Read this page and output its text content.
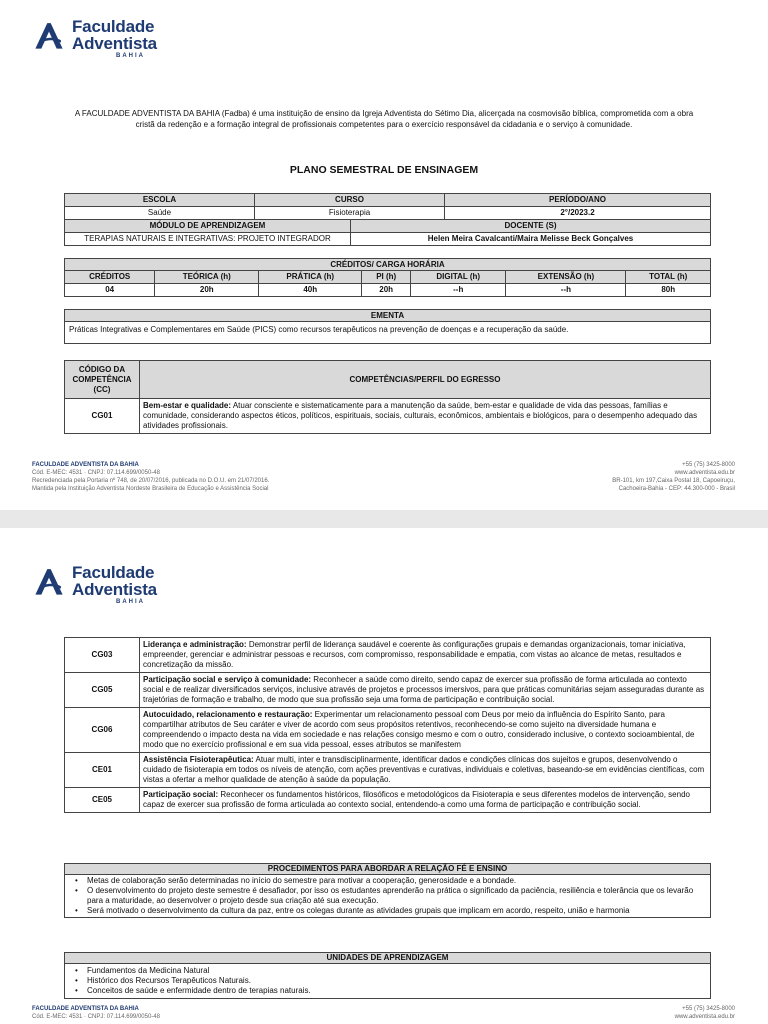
Faculdade
Adventista
BAHIA
A FACULDADE ADVENTISTA DA BAHIA (Fadba) é uma instituição de ensino da Igreja Adventista do Sétimo Dia, alicerçada na cosmovisão bíblica, comprometida com a obra cristã da redenção e a formação integral de profissionais competentes para o exercício responsável da cidadania e o serviço à comunidade.
PLANO SEMESTRAL DE ENSINAGEM
ESCOLA	CURSO	PERÍODO/ANO
Saúde	Fisioterapia	2°/2023.2
MÓDULO DE APRENDIZAGEM	DOCENTE (S)
TERAPIAS NATURAIS E INTEGRATIVAS: PROJETO INTEGRADOR	Helen Meira Cavalcanti/Maira Melisse Beck Gonçalves
CRÉDITOS/ CARGA HORÁRIA						
CRÉDITOS	TEÓRICA (h)	PRÁTICA (h)	PI (h)	DIGITAL (h)	EXTENSÃO (h)	TOTAL (h)
04	20h	40h	20h	--h	--h	80h
EMENTA
Práticas Integrativas e Complementares em Saúde (PICS) como recursos terapêuticos na prevenção de doenças e a recuperação da saúde.
CÓDIGO DA COMPETÊNCIA (CC)	COMPETÊNCIAS/PERFIL DO EGRESSO
CG01	Bem-estar e qualidade: Atuar consciente e sistematicamente para a manutenção da saúde, bem-estar e qualidade de vida das pessoas, famílias e comunidade, considerando aspectos éticos, políticos, espirituais, sociais, culturais, econômicos, ambientais e biológicos, para o desempenho adequado das atividades profissionais.
FACULDADE ADVENTISTA DA BAHIA
Cód. E-MEC: 4531 · CNPJ: 07.114.699/0050-48
Recredenciada pela Portaria nº 748, de 20/07/2016, publicada no D.O.U. em 21/07/2016.
Mantida pela Instituição Adventista Nordeste Brasileira de Educação e Assistência Social
+55 (75) 3425-8000
www.adventista.edu.br
BR-101, km 197,Caixa Postal 18, Capoeiruçu,
Cachoeira-Bahia - CEP: 44.300-000 - Brasil
Faculdade
Adventista
BAHIA
CG03	Liderança e administração: Demonstrar perfil de liderança saudável e coerente às configurações grupais e demandas organizacionais, tomar iniciativa, empreender, gerenciar e administrar pessoas e recursos, com compromisso, responsabilidade e empatia, com vistas ao alcance de metas, resultados e concretização da missão.
CG05	Participação social e serviço à comunidade: Reconhecer a saúde como direito, sendo capaz de exercer sua profissão de forma articulada ao contexto social e de realizar diversificados serviços, inclusive através de projetos e processos imersivos, para que práticas comunitárias sejam asseguradas durante as trajetórias de formação e trabalho, de modo que sua profissão seja uma forma de participação e contribuição social.
CG06	Autocuidado, relacionamento e restauração: Experimentar um relacionamento pessoal com Deus por meio da influência do Espírito Santo, para compartilhar atributos de Seu caráter e viver de acordo com seus propósitos retentivos, reconhecendo-se como sujeito na diversidade humana e compreendendo o impacto desta na vida em sociedade e nas relações consigo mesmo e com o outro, considerado inclusive, o contexto socioambiental, de modo que no exercício profissional e em sua vida pessoal, esses atributos se manifestem
CE01	Assistência Fisioterapêutica: Atuar multi, inter e transdisciplinarmente, identificar dados e condições clínicas dos sujeitos e grupos, desenvolvendo o cuidado de fisioterapia em todos os níveis de atenção, com ações preventivas e curativas, individuais e coletivas, baseando-se em evidências científicas, com vistas a ofertar a melhor qualidade de atenção à saúde da população.
CE05	Participação social: Reconhecer os fundamentos históricos, filosóficos e metodológicos da Fisioterapia e seus diferentes modelos de intervenção, sendo capaz de exercer sua profissão de forma articulada ao contexto social, entendendo-a como uma forma de participação e contribuição social.
PROCEDIMENTOS PARA ABORDAR A RELAÇÃO FÉ E ENSINO

• Metas de colaboração serão determinadas no início do semestre para motivar a cooperação, generosidade e a bondade.
• O desenvolvimento do projeto deste semestre é desafiador, por isso os estudantes aprenderão na prática o significado da paciência, resiliência e tolerância que os levarão para a maturidade, ao desenvolver o projeto desde sua criação até sua execução.
• Será motivado o desenvolvimento da cultura da paz, entre os colegas durante as atividades grupais que implicam em acordo, respeito, união e harmonia
UNIDADES DE APRENDIZAGEM

• Fundamentos da Medicina Natural
• Histórico dos Recursos Terapêuticos Naturais.
• Conceitos de saúde e enfermidade dentro de terapias naturais.
FACULDADE ADVENTISTA DA BAHIA
Cód. E-MEC: 4531 · CNPJ: 07.114.699/0050-48
+55 (75) 3425-8000
www.adventista.edu.br
